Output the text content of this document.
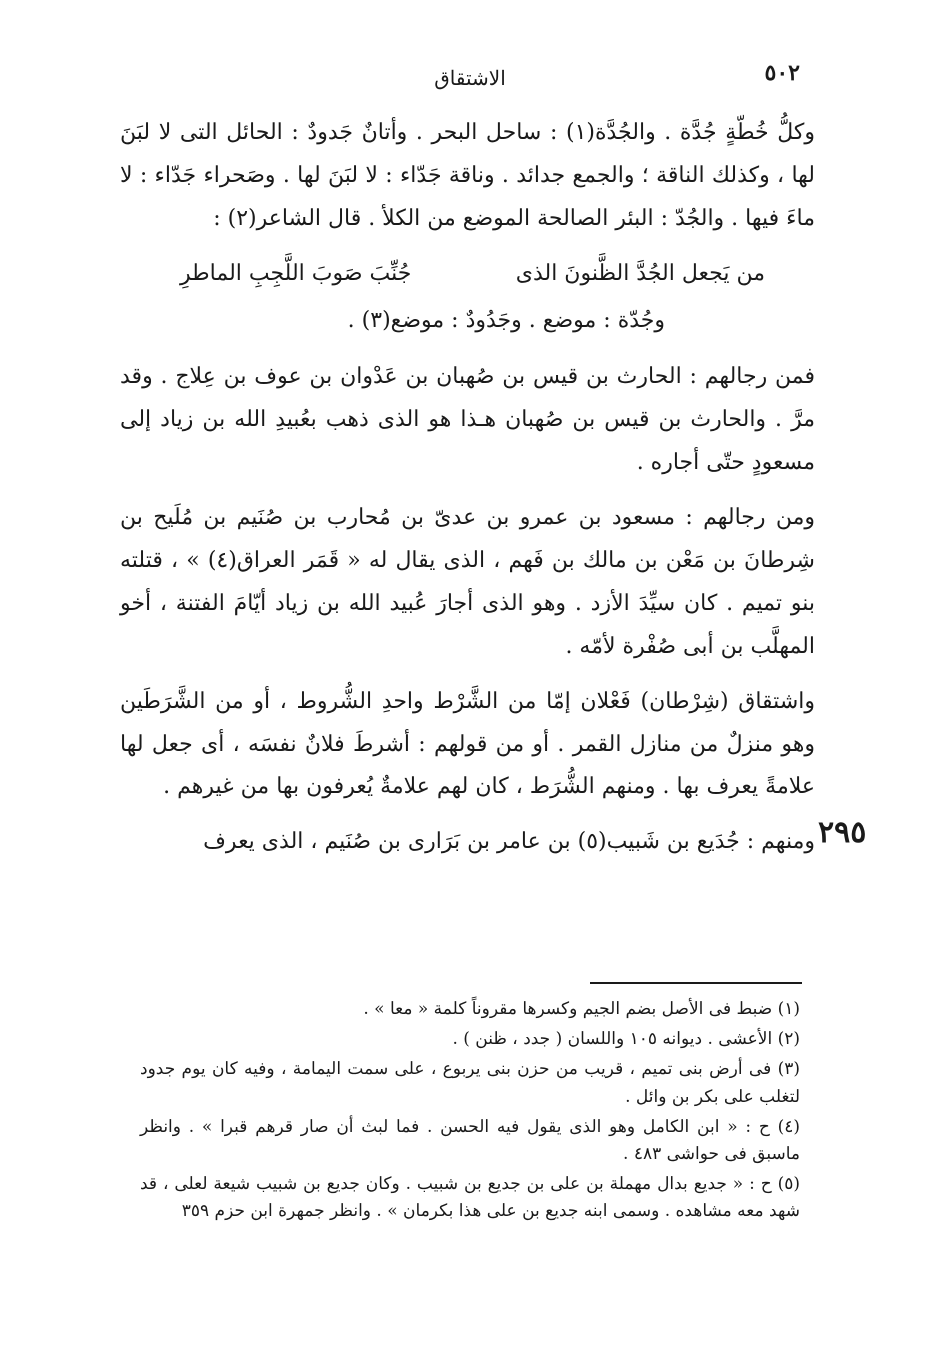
٥٠٢
الاشتقاق

وكلُّ خُطّةٍ جُدَّة . والجُدَّة(١) : ساحل البحر . وأتانٌ جَدودٌ : الحائل التى لا لبَنَ لها ، وكذلك الناقة ؛ والجمع جدائد . وناقة جَدّاء : لا لبَنَ لها . وصَحراء جَدّاء : لا ماءَ فيها . والجُدّ : البئر الصالحة الموضع من الكلأ . قال الشاعر(٢) :

من يَجعل الجُدَّ الظَّنونَ الذى
جُنِّبَ صَوبَ اللَّجِبِ الماطرِ

وجُدّة : موضع . وجَدُودٌ : موضع(٣) .

فمن رجالهم : الحارث بن قيس بن صُهبان بن عَدْوان بن عوف بن عِلاج . وقد مرَّ . والحارث بن قيس بن صُهبان هـذا هو الذى ذهب بعُبيدِ الله بن زياد إلى مسعودٍ حتّى أجاره .

ومن رجالهم : مسعود بن عمرو بن عدىّ بن مُحارب بن صُنَيم بن مُلَيح بن شِرطانَ بن مَعْن بن مالك بن فَهم ، الذى يقال له « قَمَر العراق(٤) » ، قتلته بنو تميم . كان سيِّدَ الأزد . وهو الذى أجارَ عُبيد الله بن زياد أيّامَ الفتنة ، أخو المهلَّب بن أبى صُفْرة لأمّه .

واشتقاق (شِرْطان) فَعْلان إمّا من الشَّرْط واحدِ الشُّروط ، أو من الشَّرَطَين وهو منزلٌ من منازل القمر . أو من قولهم : أشرطَ فلانٌ نفسَه ، أى جعل لها علامةً يعرف بها . ومنهم الشُّرَط ، كان لهم علامةٌ يُعرفون بها من غيرهم .

ومنهم : جُدَيع بن شَبيب(٥) بن عامر بن بَرَارى بن صُنَيم ، الذى يعرف ٢٩٥

(١) ضبط فى الأصل بضم الجيم وكسرها مقروناً كلمة « معا » .

(٢) الأعشى . ديوانه ١٠٥ واللسان ( جدد ، ظنن ) .

(٣) فى أرض بنى تميم ، قريب من حزن بنى يربوع ، على سمت اليمامة ، وفيه كان يوم جدود لتغلب على بكر بن وائل .

(٤) ح : « ابن الكامل وهو الذى يقول فيه الحسن . فما لبث أن صار قرهم قبرا » . وانظر ماسبق فى حواشى ٤٨٣ .

(٥) ح : « جديع بدال مهملة بن على بن جديع بن شبيب . وكان جديع بن شبيب شيعة لعلى ، قد شهد معه مشاهده . وسمى ابنه جديع بن على هذا بكرمان » . وانظر جمهرة ابن حزم ٣٥٩
